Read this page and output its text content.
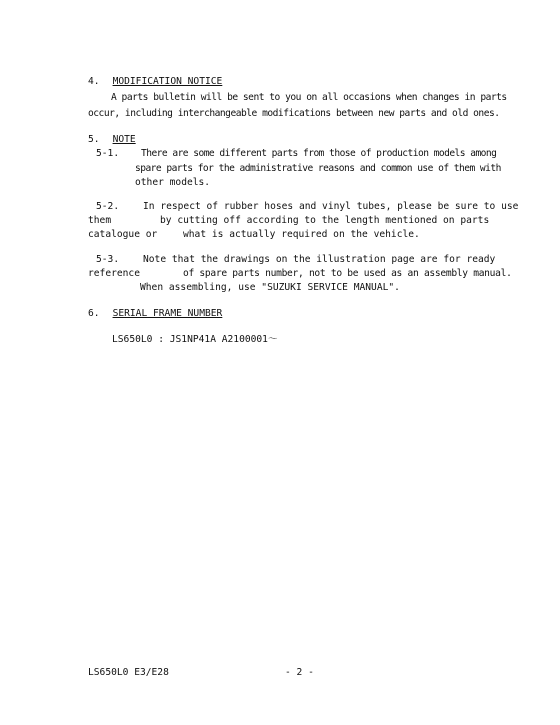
4. MODIFICATION NOTICE
A parts bulletin will be sent to you on all occasions when changes in parts
occur, including interchangeable modifications between new parts and old ones.
5. NOTE
5-1. There are some different parts from those of production models among
spare parts for the administrative reasons and common use of them with
other models.
5-2. In respect of rubber hoses and vinyl tubes, please be sure to use
them	by cutting off according to the length mentioned on parts
catalogue or	what is actually required on the vehicle.
5-3. Note that the drawings on the illustration page are for ready
reference	of spare parts number, not to be used as an assembly manual.
When assembling, use "SUZUKI SERVICE MANUAL".
6. SERIAL FRAME NUMBER
LS650L0 : JS1NP41A A2100001～
LS650L0 E3/E28	- 2 -
